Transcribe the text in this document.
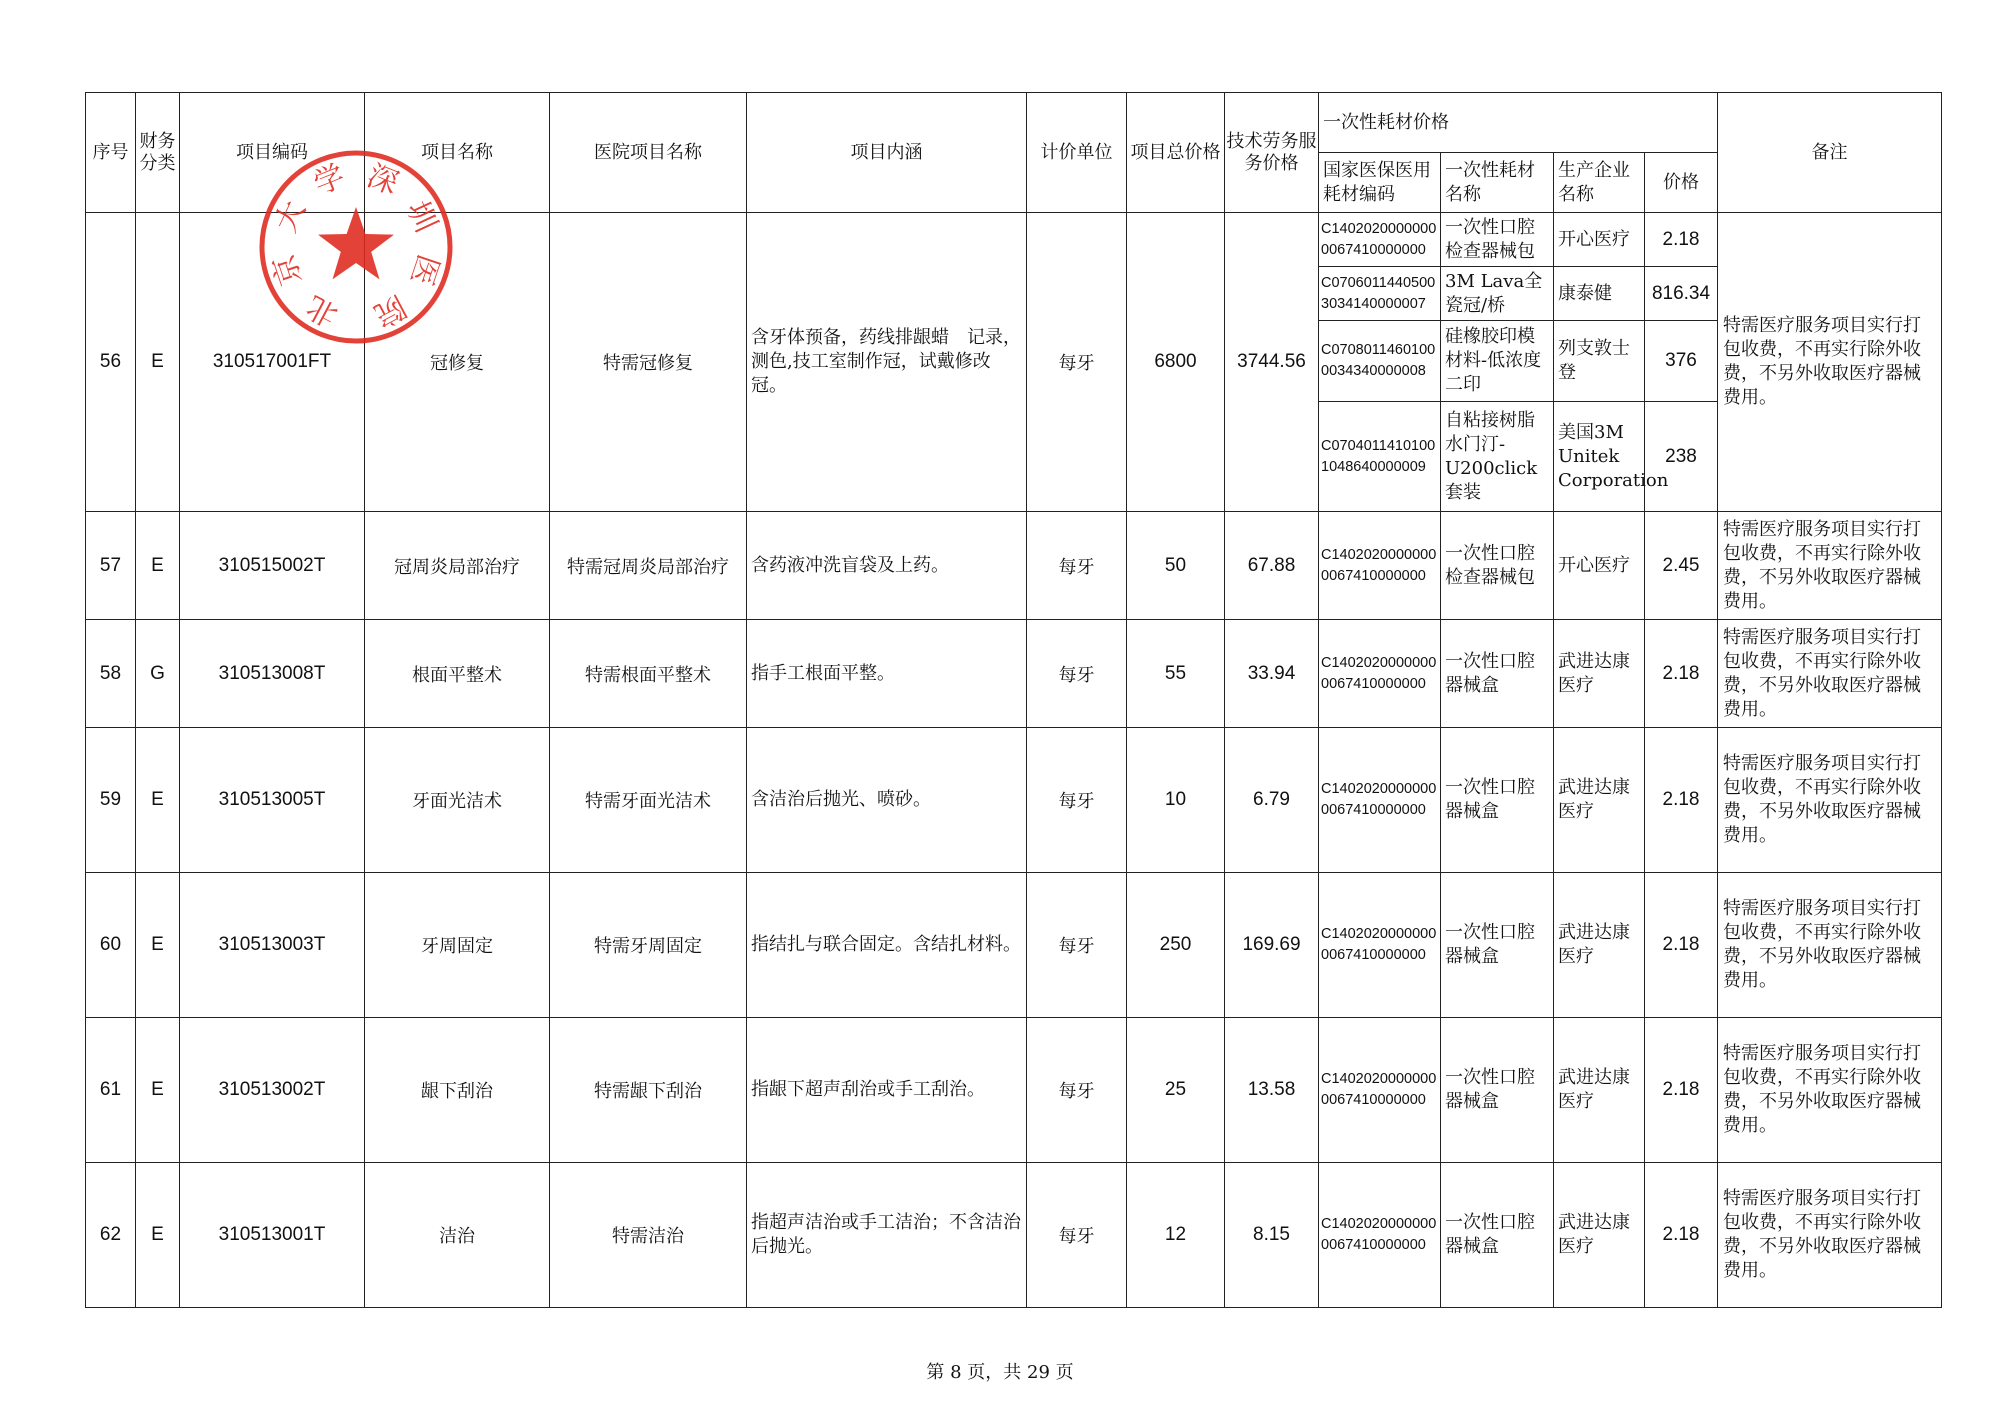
序号	财务分类	项目编码	项目名称	医院项目名称	项目内涵	计价单位	项目总价格	技术劳务服务价格	一次性耗材价格				备注
									国家医保医用耗材编码	一次性耗材名称	生产企业名称	价格	
56	E	310517001FT	冠修复	特需冠修复	含牙体预备，药线排龈蜡　记录，测色,技工室制作冠，试戴修改冠。	每牙	6800	3744.56	C14020200000000067410000000	一次性口腔检查器械包	开心医疗	2.18	特需医疗服务项目实行打包收费，不再实行除外收费，不另外收取医疗器械费用。
									C07060114405003034140000007	3M Lava全瓷冠/桥	康泰健	816.34	
									C07080114601000034340000008	硅橡胶印模材料-低浓度二印	列支敦士登	376	
									C07040114101001048640000009	自粘接树脂水门汀-U200click套装	美国3M Unitek Corporation	238	
57	E	310515002T	冠周炎局部治疗	特需冠周炎局部治疗	含药液冲洗盲袋及上药。	每牙	50	67.88	C14020200000000067410000000	一次性口腔检查器械包	开心医疗	2.45	特需医疗服务项目实行打包收费，不再实行除外收费，不另外收取医疗器械费用。
58	G	310513008T	根面平整术	特需根面平整术	指手工根面平整。	每牙	55	33.94	C14020200000000067410000000	一次性口腔器械盒	武进达康医疗	2.18	特需医疗服务项目实行打包收费，不再实行除外收费，不另外收取医疗器械费用。
59	E	310513005T	牙面光洁术	特需牙面光洁术	含洁治后抛光、喷砂。	每牙	10	6.79	C14020200000000067410000000	一次性口腔器械盒	武进达康医疗	2.18	特需医疗服务项目实行打包收费，不再实行除外收费，不另外收取医疗器械费用。
60	E	310513003T	牙周固定	特需牙周固定	指结扎与联合固定。含结扎材料。	每牙	250	169.69	C14020200000000067410000000	一次性口腔器械盒	武进达康医疗	2.18	特需医疗服务项目实行打包收费，不再实行除外收费，不另外收取医疗器械费用。
61	E	310513002T	龈下刮治	特需龈下刮治	指龈下超声刮治或手工刮治。	每牙	25	13.58	C14020200000000067410000000	一次性口腔器械盒	武进达康医疗	2.18	特需医疗服务项目实行打包收费，不再实行除外收费，不另外收取医疗器械费用。
62	E	310513001T	洁治	特需洁治	指超声洁治或手工洁治；不含洁治后抛光。	每牙	12	8.15	C14020200000000067410000000	一次性口腔器械盒	武进达康医疗	2.18	特需医疗服务项目实行打包收费，不再实行除外收费，不另外收取医疗器械费用。
北
京
大
学 深
圳
医
院
第 8 页，共 29 页
